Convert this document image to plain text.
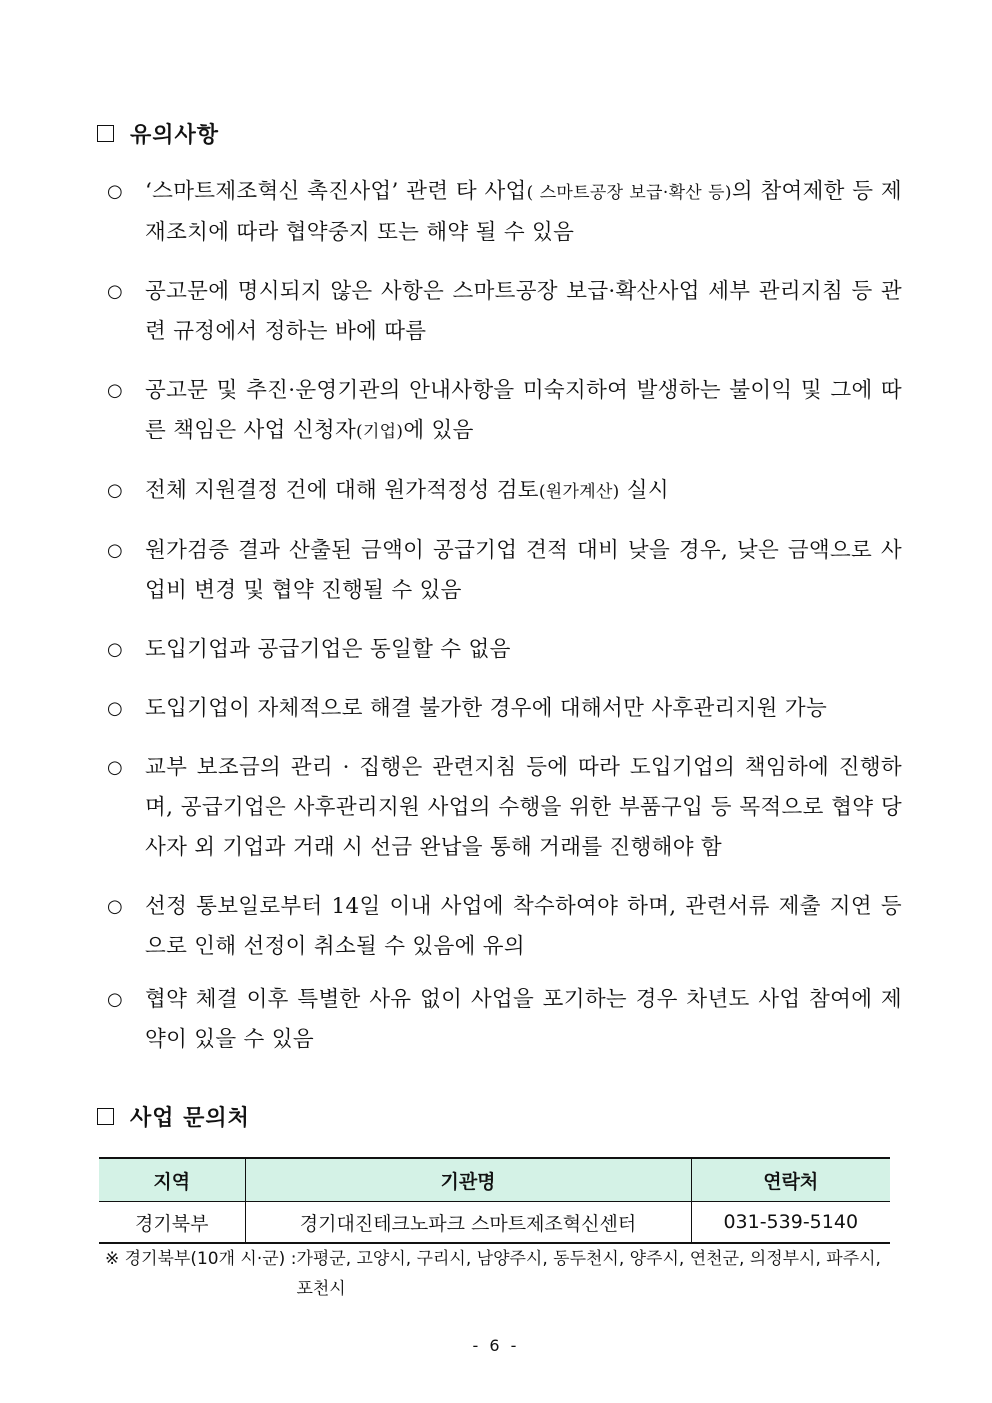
유의사항
○	‘스마트제조혁신 촉진사업’ 관련 타 사업( 스마트공장 보급·확산 등)의 참여제한 등 제재조치에 따라 협약중지 또는 해약 될 수 있음
○	공고문에 명시되지 않은 사항은 스마트공장 보급·확산사업 세부 관리지침 등 관련 규정에서 정하는 바에 따름
○	공고문 및 추진·운영기관의 안내사항을 미숙지하여 발생하는 불이익 및 그에 따른 책임은 사업 신청자(기업)에 있음
○	전체 지원결정 건에 대해 원가적정성 검토(원가계산) 실시
○	원가검증 결과 산출된 금액이 공급기업 견적 대비 낮을 경우, 낮은 금액으로 사업비 변경 및 협약 진행될 수 있음
○	도입기업과 공급기업은 동일할 수 없음
○	도입기업이 자체적으로 해결 불가한 경우에 대해서만 사후관리지원 가능
○	교부 보조금의 관리 · 집행은 관련지침 등에 따라 도입기업의 책임하에 진행하며, 공급기업은 사후관리지원 사업의 수행을 위한 부품구입 등 목적으로 협약 당사자 외 기업과 거래 시 선금 완납을 통해 거래를 진행해야 함
○	선정 통보일로부터 14일 이내 사업에 착수하여야 하며, 관련서류 제출 지연 등으로 인해 선정이 취소될 수 있음에 유의
○	협약 체결 이후 특별한 사유 없이 사업을 포기하는 경우 차년도 사업 참여에 제약이 있을 수 있음
사업 문의처
지역	기관명	연락처
경기북부	경기대진테크노파크 스마트제조혁신센터	031-539-5140
※ 경기북부(10개 시·군) : 가평군, 고양시, 구리시, 남양주시, 동두천시, 양주시, 연천군, 의정부시, 파주시, 포천시
- 6 -
